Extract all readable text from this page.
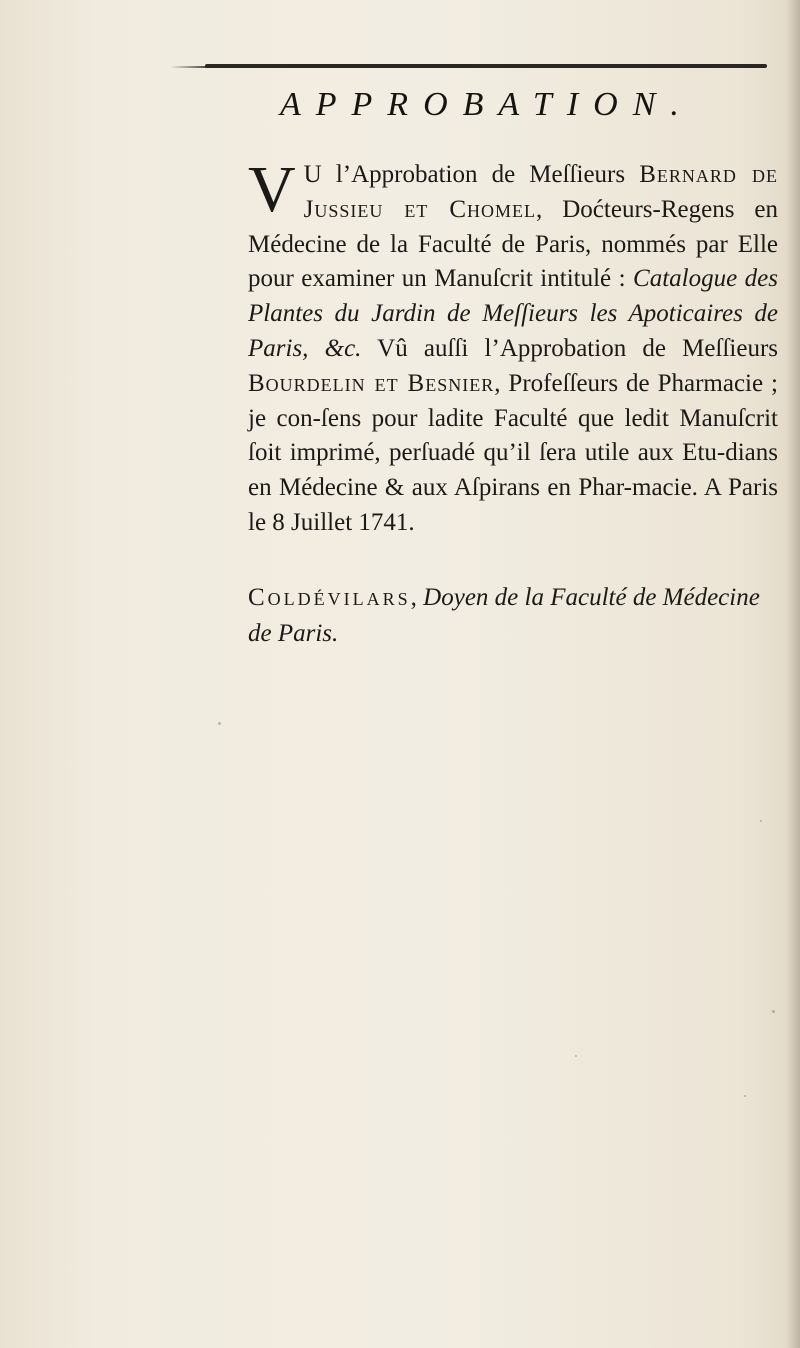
APPROBATION.

V U l’Approbation de Meſſieurs Bernard de Jussieu et Chomel, Doćteurs-Regens en Médecine de la Faculté de Paris, nommés par Elle pour examiner un Manuſcrit intitulé : Catalogue des Plantes du Jardin de Meſſieurs les Apoticaires de Paris, &c. Vû auſſi l’Approbation de Meſſieurs Bourdelin et Besnier, Profeſſeurs de Pharmacie ; je con-ſens pour ladite Faculté que ledit Manuſcrit ſoit imprimé, perſuadé qu’il ſera utile aux Etu-dians en Médecine & aux Aſpirans en Phar-macie. A Paris le 8 Juillet 1741.

Coldévilars, Doyen de la Faculté de Médecine de Paris.
